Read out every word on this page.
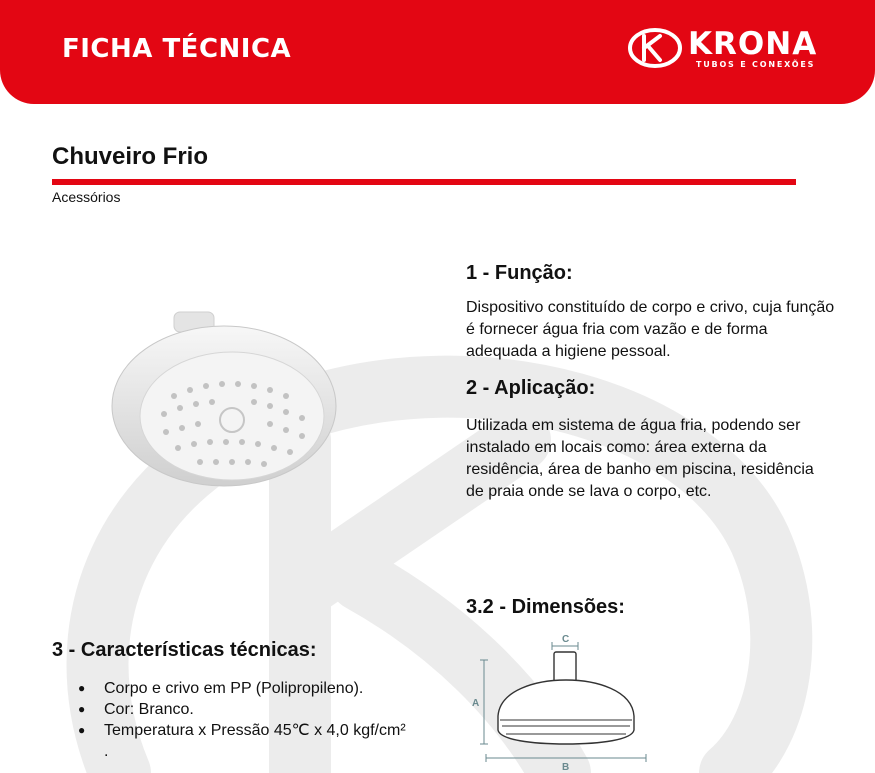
FICHA TÉCNICA	KRONA
TUBOS E CONEXÕES
Chuveiro Frio
Acessórios
1 - Função:
Dispositivo constituído de corpo e crivo, cuja função é fornecer água fria com vazão e de forma adequada a higiene pessoal.
2 - Aplicação:
Utilizada em sistema de água fria, podendo ser instalado em locais como: área externa da residência, área de banho em piscina, residência de praia onde se lava o corpo, etc.
3.2 - Dimensões:
3 - Características técnicas:
● Corpo e crivo em PP (Polipropileno).
● Cor: Branco.
● Temperatura x Pressão 45℃ x 4,0 kgf/cm² .
C
A
B
